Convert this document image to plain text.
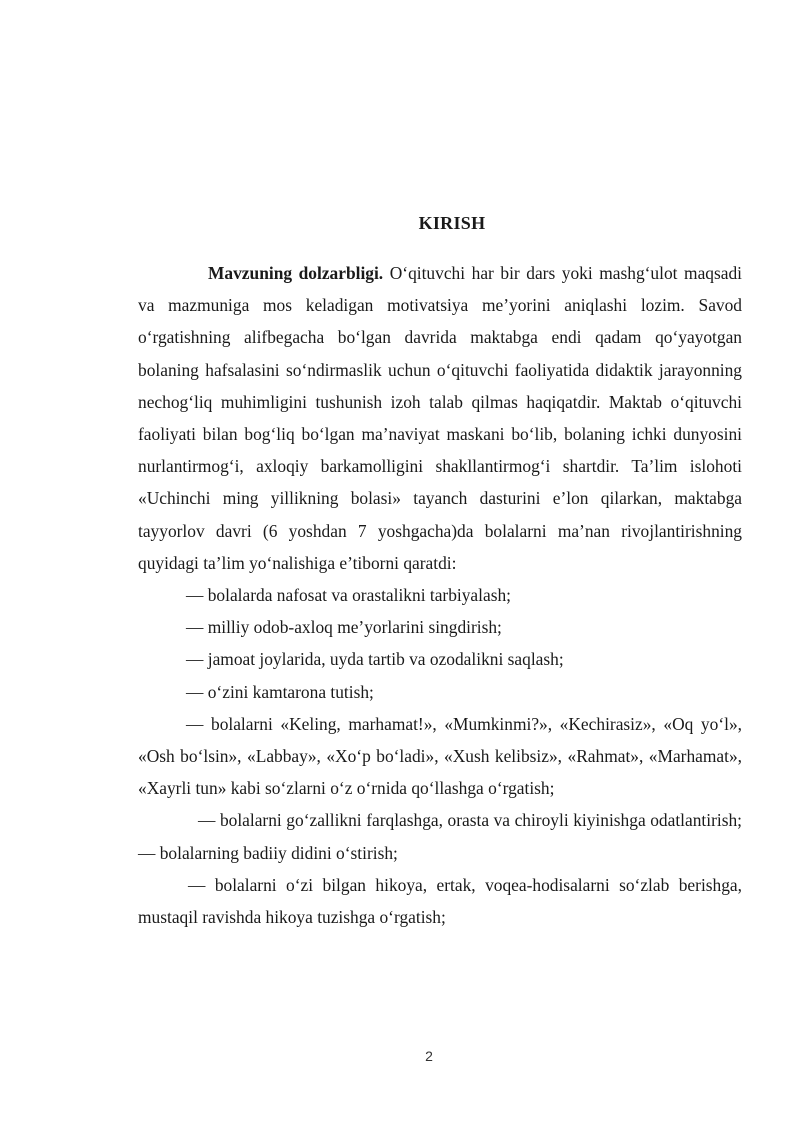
KIRISH

Mavzuning dolzarbligi. O‘qituvchi har bir dars yoki mashg‘ulot maqsadi va mazmuniga mos keladigan motivatsiya me’yorini aniqlashi lozim. Savod o‘rgatishning alifbegacha bo‘lgan davrida maktabga endi qadam qo‘yayotgan bolaning hafsalasini so‘ndirmaslik uchun o‘qituvchi faoliyatida didaktik jarayonning nechog‘liq muhimligini tushunish izoh talab qilmas haqiqatdir. Maktab o‘qituvchi faoliyati bilan bog‘liq bo‘lgan ma’naviyat maskani bo‘lib, bolaning ichki dunyosini nurlantirmog‘i, axloqiy barkamolligini shakllantirmog‘i shartdir. Ta’lim islohoti «Uchinchi ming yillikning bolasi» tayanch dasturini e’lon qilarkan, maktabga tayyorlov davri (6 yoshdan 7 yoshgacha)da bolalarni ma’nan rivojlantirishning quyidagi ta’lim yo‘nalishiga e’tiborni qaratdi:

— bolalarda nafosat va orastalikni tarbiyalash;

— milliy odob-axloq me’yorlarini singdirish;

— jamoat joylarida, uyda tartib va ozodalikni saqlash;

— o‘zini kamtarona tutish;

— bolalarni «Keling, marhamat!», «Mumkinmi?», «Kechirasiz», «Oq yo‘l», «Osh bo‘lsin», «Labbay», «Xo‘p bo‘ladi», «Xush kelibsiz», «Rahmat», «Marhamat», «Xayrli tun» kabi so‘zlarni o‘z o‘rnida qo‘llashga o‘rgatish;

— bolalarni go‘zallikni farqlashga, orasta va chiroyli kiyinishga odatlantirish; — bolalarning badiiy didini o‘stirish;

— bolalarni o‘zi bilgan hikoya, ertak, voqea-hodisalarni so‘zlab berishga, mustaqil ravishda hikoya tuzishga o‘rgatish;

2
